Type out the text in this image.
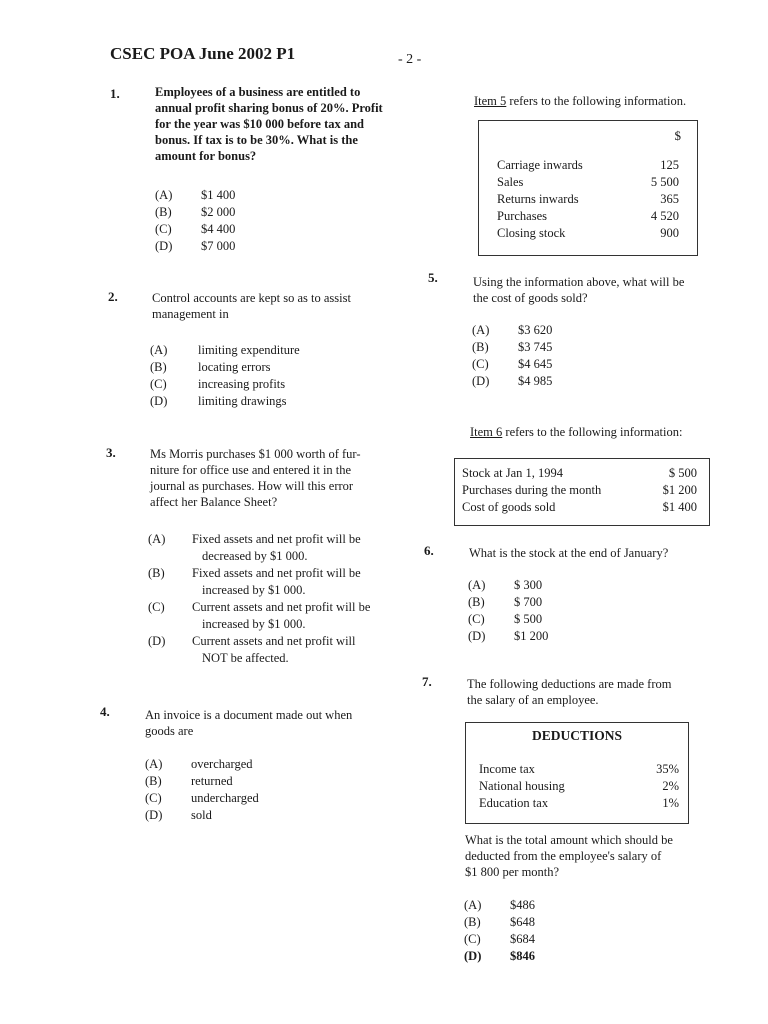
CSEC POA June 2002 P1	- 2 -
1.	Employees of a business are entitled to
annual profit sharing bonus of 20%. Profit
for the year was $10 000 before tax and
bonus. If tax is to be 30%. What is the
amount for bonus?
(A)	$1 400
(B)	$2 000
(C)	$4 400
(D)	$7 000
2.	Control accounts are kept so as to assist
management in
(A)	limiting expenditure
(B)	locating errors
(C)	increasing profits
(D)	limiting drawings
3.	Ms Morris purchases $1 000 worth of fur-
niture for office use and entered it in the
journal as purchases. How will this error
affect her Balance Sheet?
(A)	Fixed assets and net profit will be
decreased by $1 000.
(B)	Fixed assets and net profit will be
increased by $1 000.
(C)	Current assets and net profit will be
increased by $1 000.
(D)	Current assets and net profit will
NOT be affected.
4.	An invoice is a document made out when
goods are
(A)	overcharged
(B)	returned
(C)	undercharged
(D)	sold
Item 5 refers to the following information.
$
Carriage inwards	125
Sales	5 500
Returns inwards	365
Purchases	4 520
Closing stock	900
5.	Using the information above, what will be
the cost of goods sold?
(A)	$3 620
(B)	$3 745
(C)	$4 645
(D)	$4 985
Item 6 refers to the following information:
Stock at Jan 1, 1994	$ 500
Purchases during the month	$1 200
Cost of goods sold	$1 400
6.	What is the stock at the end of January?
(A)	$ 300
(B)	$ 700
(C)	$ 500
(D)	$1 200
7.	The following deductions are made from
the salary of an employee.
DEDUCTIONS
Income tax	35%
National housing	2%
Education tax	1%
What is the total amount which should be
deducted from the employee's salary of
$1 800 per month?
(A)	$486
(B)	$648
(C)	$684
(D)	$846
